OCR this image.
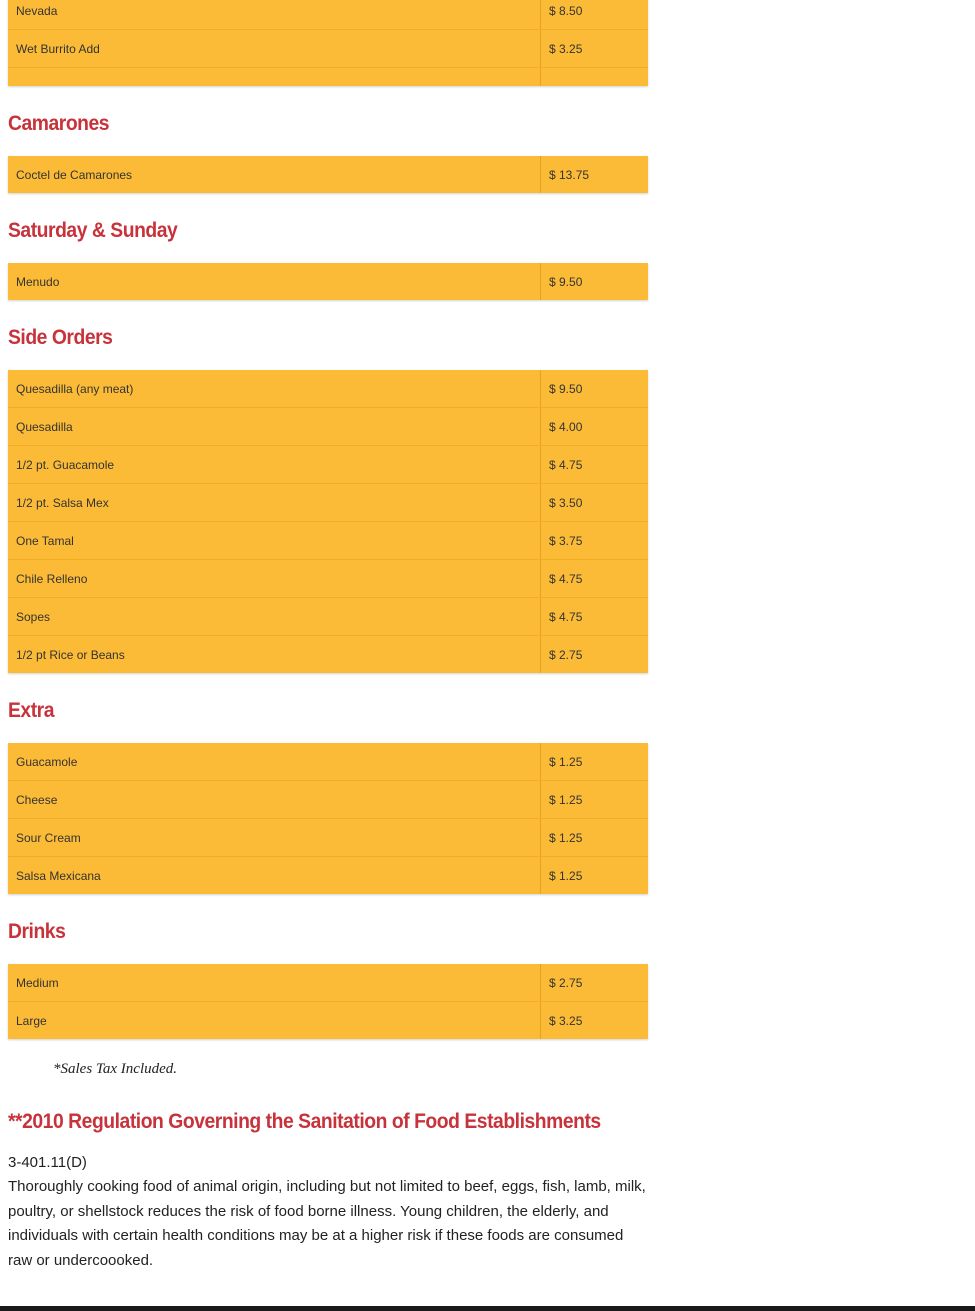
Nevada	$ 8.50
Wet Burrito Add	$ 3.25

Camarones
Coctel de Camarones	$ 13.75
Saturday & Sunday
Menudo	$ 9.50
Side Orders
Quesadilla (any meat)	$ 9.50
Quesadilla	$ 4.00
1/2 pt. Guacamole	$ 4.75
1/2 pt. Salsa Mex	$ 3.50
One Tamal	$ 3.75
Chile Relleno	$ 4.75
Sopes	$ 4.75
1/2 pt Rice or Beans	$ 2.75
Extra
Guacamole	$ 1.25
Cheese	$ 1.25
Sour Cream	$ 1.25
Salsa Mexicana	$ 1.25
Drinks
Medium	$ 2.75
Large	$ 3.25

*Sales Tax Included.

**2010 Regulation Governing the Sanitation of Food Establishments

3-401.11(D)

Thoroughly cooking food of animal origin, including but not limited to beef, eggs, fish, lamb, milk, poultry, or shellstock reduces the risk of food borne illness. Young children, the elderly, and individuals with certain health conditions may be at a higher risk if these foods are consumed raw or undercoooked.
